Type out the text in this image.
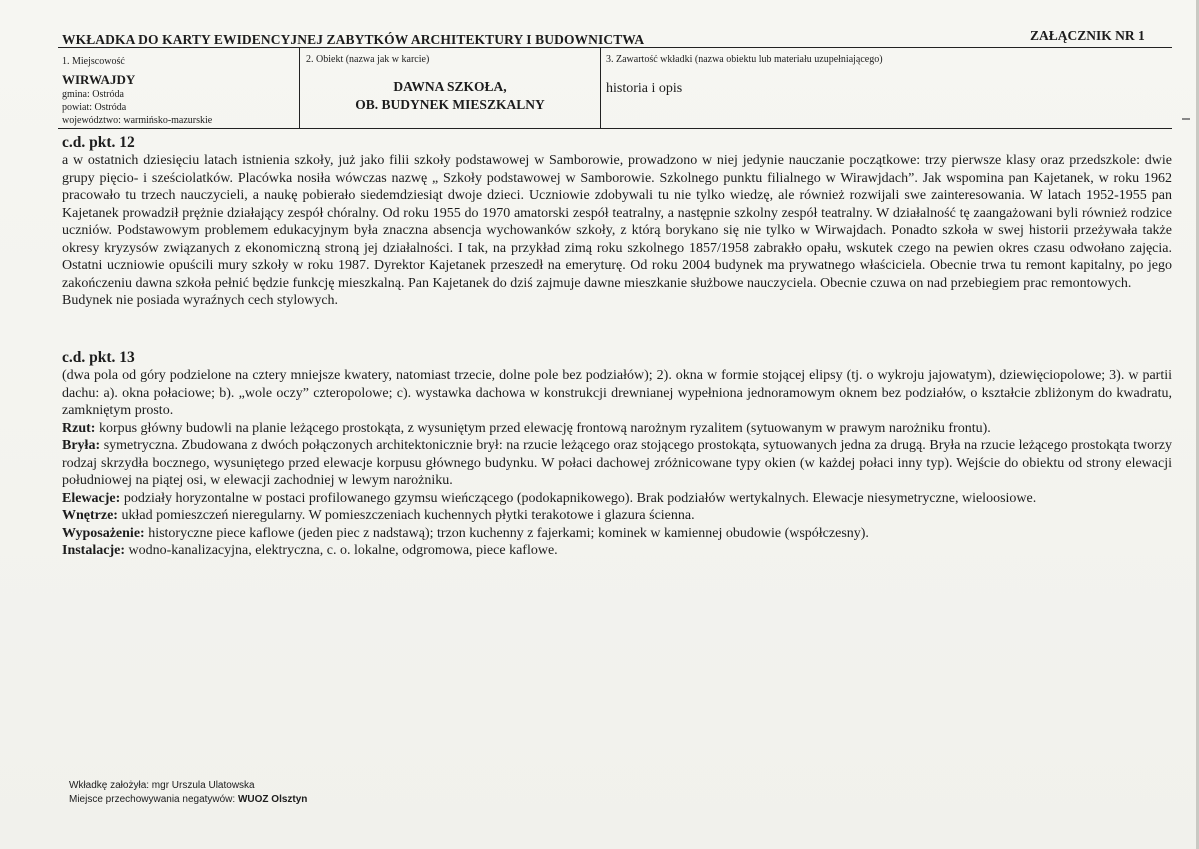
WKŁADKA DO KARTY EWIDENCYJNEJ ZABYTKÓW ARCHITEKTURY I BUDOWNICTWA	ZAŁĄCZNIK NR 1
1. Miejscowość
WIRWAJDY
gmina: Ostróda
powiat: Ostróda
województwo: warmińsko-mazurskie
2. Obiekt (nazwa jak w karcie)
DAWNA SZKOŁA,
OB. BUDYNEK MIESZKALNY
3. Zawartość wkładki (nazwa obiektu lub materiału uzupełniającego)
historia i opis
c.d. pkt. 12

a w ostatnich dziesięciu latach istnienia szkoły, już jako filii szkoły podstawowej w Samborowie, prowadzono w niej jedynie nauczanie początkowe: trzy pierwsze klasy oraz przedszkole: dwie grupy pięcio- i sześciolatków. Placówka nosiła wówczas nazwę „ Szkoły podstawowej w Samborowie. Szkolnego punktu filialnego w Wirawjdach”. Jak wspomina pan Kajetanek, w roku 1962 pracowało tu trzech nauczycieli, a naukę pobierało siedemdziesiąt dwoje dzieci. Uczniowie zdobywali tu nie tylko wiedzę, ale również rozwijali swe zainteresowania. W latach 1952-1955 pan Kajetanek prowadził prężnie działający zespół chóralny. Od roku 1955 do 1970 amatorski zespół teatralny, a następnie szkolny zespół teatralny. W działalność tę zaangażowani byli również rodzice uczniów. Podstawowym problemem edukacyjnym była znaczna absencja wychowanków szkoły, z którą borykano się nie tylko w Wirwajdach. Ponadto szkoła w swej historii przeżywała także okresy kryzysów związanych z ekonomiczną stroną jej działalności. I tak, na przykład zimą roku szkolnego 1857/1958 zabrakło opału, wskutek czego na pewien okres czasu odwołano zajęcia. Ostatni uczniowie opuścili mury szkoły w roku 1987. Dyrektor Kajetanek przeszedł na emeryturę. Od roku 2004 budynek ma prywatnego właściciela. Obecnie trwa tu remont kapitalny, po jego zakończeniu dawna szkoła pełnić będzie funkcję mieszkalną. Pan Kajetanek do dziś zajmuje dawne mieszkanie służbowe nauczyciela. Obecnie czuwa on nad przebiegiem prac remontowych.

Budynek nie posiada wyraźnych cech stylowych.

c.d. pkt. 13

(dwa pola od góry podzielone na cztery mniejsze kwatery, natomiast trzecie, dolne pole bez podziałów); 2). okna w formie stojącej elipsy (tj. o wykroju jajowatym), dziewięciopolowe; 3). w partii dachu: a). okna połaciowe; b). „wole oczy” czteropolowe; c). wystawka dachowa w konstrukcji drewnianej wypełniona jednoramowym oknem bez podziałów, o kształcie zbliżonym do kwadratu, zamkniętym prosto.

Rzut: korpus główny budowli na planie leżącego prostokąta, z wysuniętym przed elewację frontową narożnym ryzalitem (sytuowanym w prawym narożniku frontu).

Bryła: symetryczna. Zbudowana z dwóch połączonych architektonicznie brył: na rzucie leżącego oraz stojącego prostokąta, sytuowanych jedna za drugą. Bryła na rzucie leżącego prostokąta tworzy rodzaj skrzydła bocznego, wysuniętego przed elewacje korpusu głównego budynku. W połaci dachowej zróżnicowane typy okien (w każdej połaci inny typ). Wejście do obiektu od strony elewacji południowej na piątej osi, w elewacji zachodniej w lewym narożniku.

Elewacje: podziały horyzontalne w postaci profilowanego gzymsu wieńczącego (podokapnikowego). Brak podziałów wertykalnych. Elewacje niesymetryczne, wieloosiowe.

Wnętrze: układ pomieszczeń nieregularny. W pomieszczeniach kuchennych płytki terakotowe i glazura ścienna.

Wyposażenie: historyczne piece kaflowe (jeden piec z nadstawą); trzon kuchenny z fajerkami; kominek w kamiennej obudowie (współczesny).

Instalacje: wodno-kanalizacyjna, elektryczna, c. o. lokalne, odgromowa, piece kaflowe.

Wkładkę założyła: mgr Urszula Ulatowska
Miejsce przechowywania negatywów: WUOZ Olsztyn
